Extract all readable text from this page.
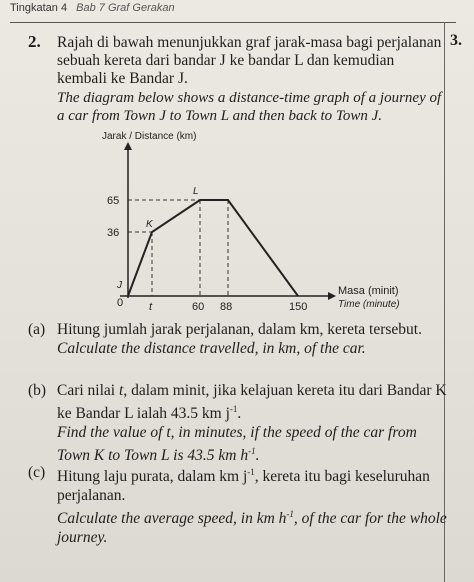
Tingkatan 4 Bab 7 Graf Gerakan
2.	3.
Rajah di bawah menunjukkan graf jarak-masa bagi perjalanan sebuah kereta dari bandar J ke bandar L dan kemudian kembali ke Bandar J.
The diagram below shows a distance-time graph of a journey of a car from Town J to Town L and then back to Town J.
Jarak / Distance (km)
65
36
0 t	60 88	150
J
K
L
Masa (minit)
Time (minute)
(a) Hitung jumlah jarak perjalanan, dalam km, kereta tersebut.
Calculate the distance travelled, in km, of the car.
(b) Cari nilai t, dalam minit, jika kelajuan kereta itu dari Bandar K ke Bandar L ialah 43.5 km $j^{-1}$.
Find the value of t, in minutes, if the speed of the car from Town K to Town L is 43.5 km $h^{-1}$.
(c) Hitung laju purata, dalam km $j^{-1}$, kereta itu bagi keseluruhan perjalanan.
Calculate the average speed, in km $h^{-1}$, of the car for the whole journey.
